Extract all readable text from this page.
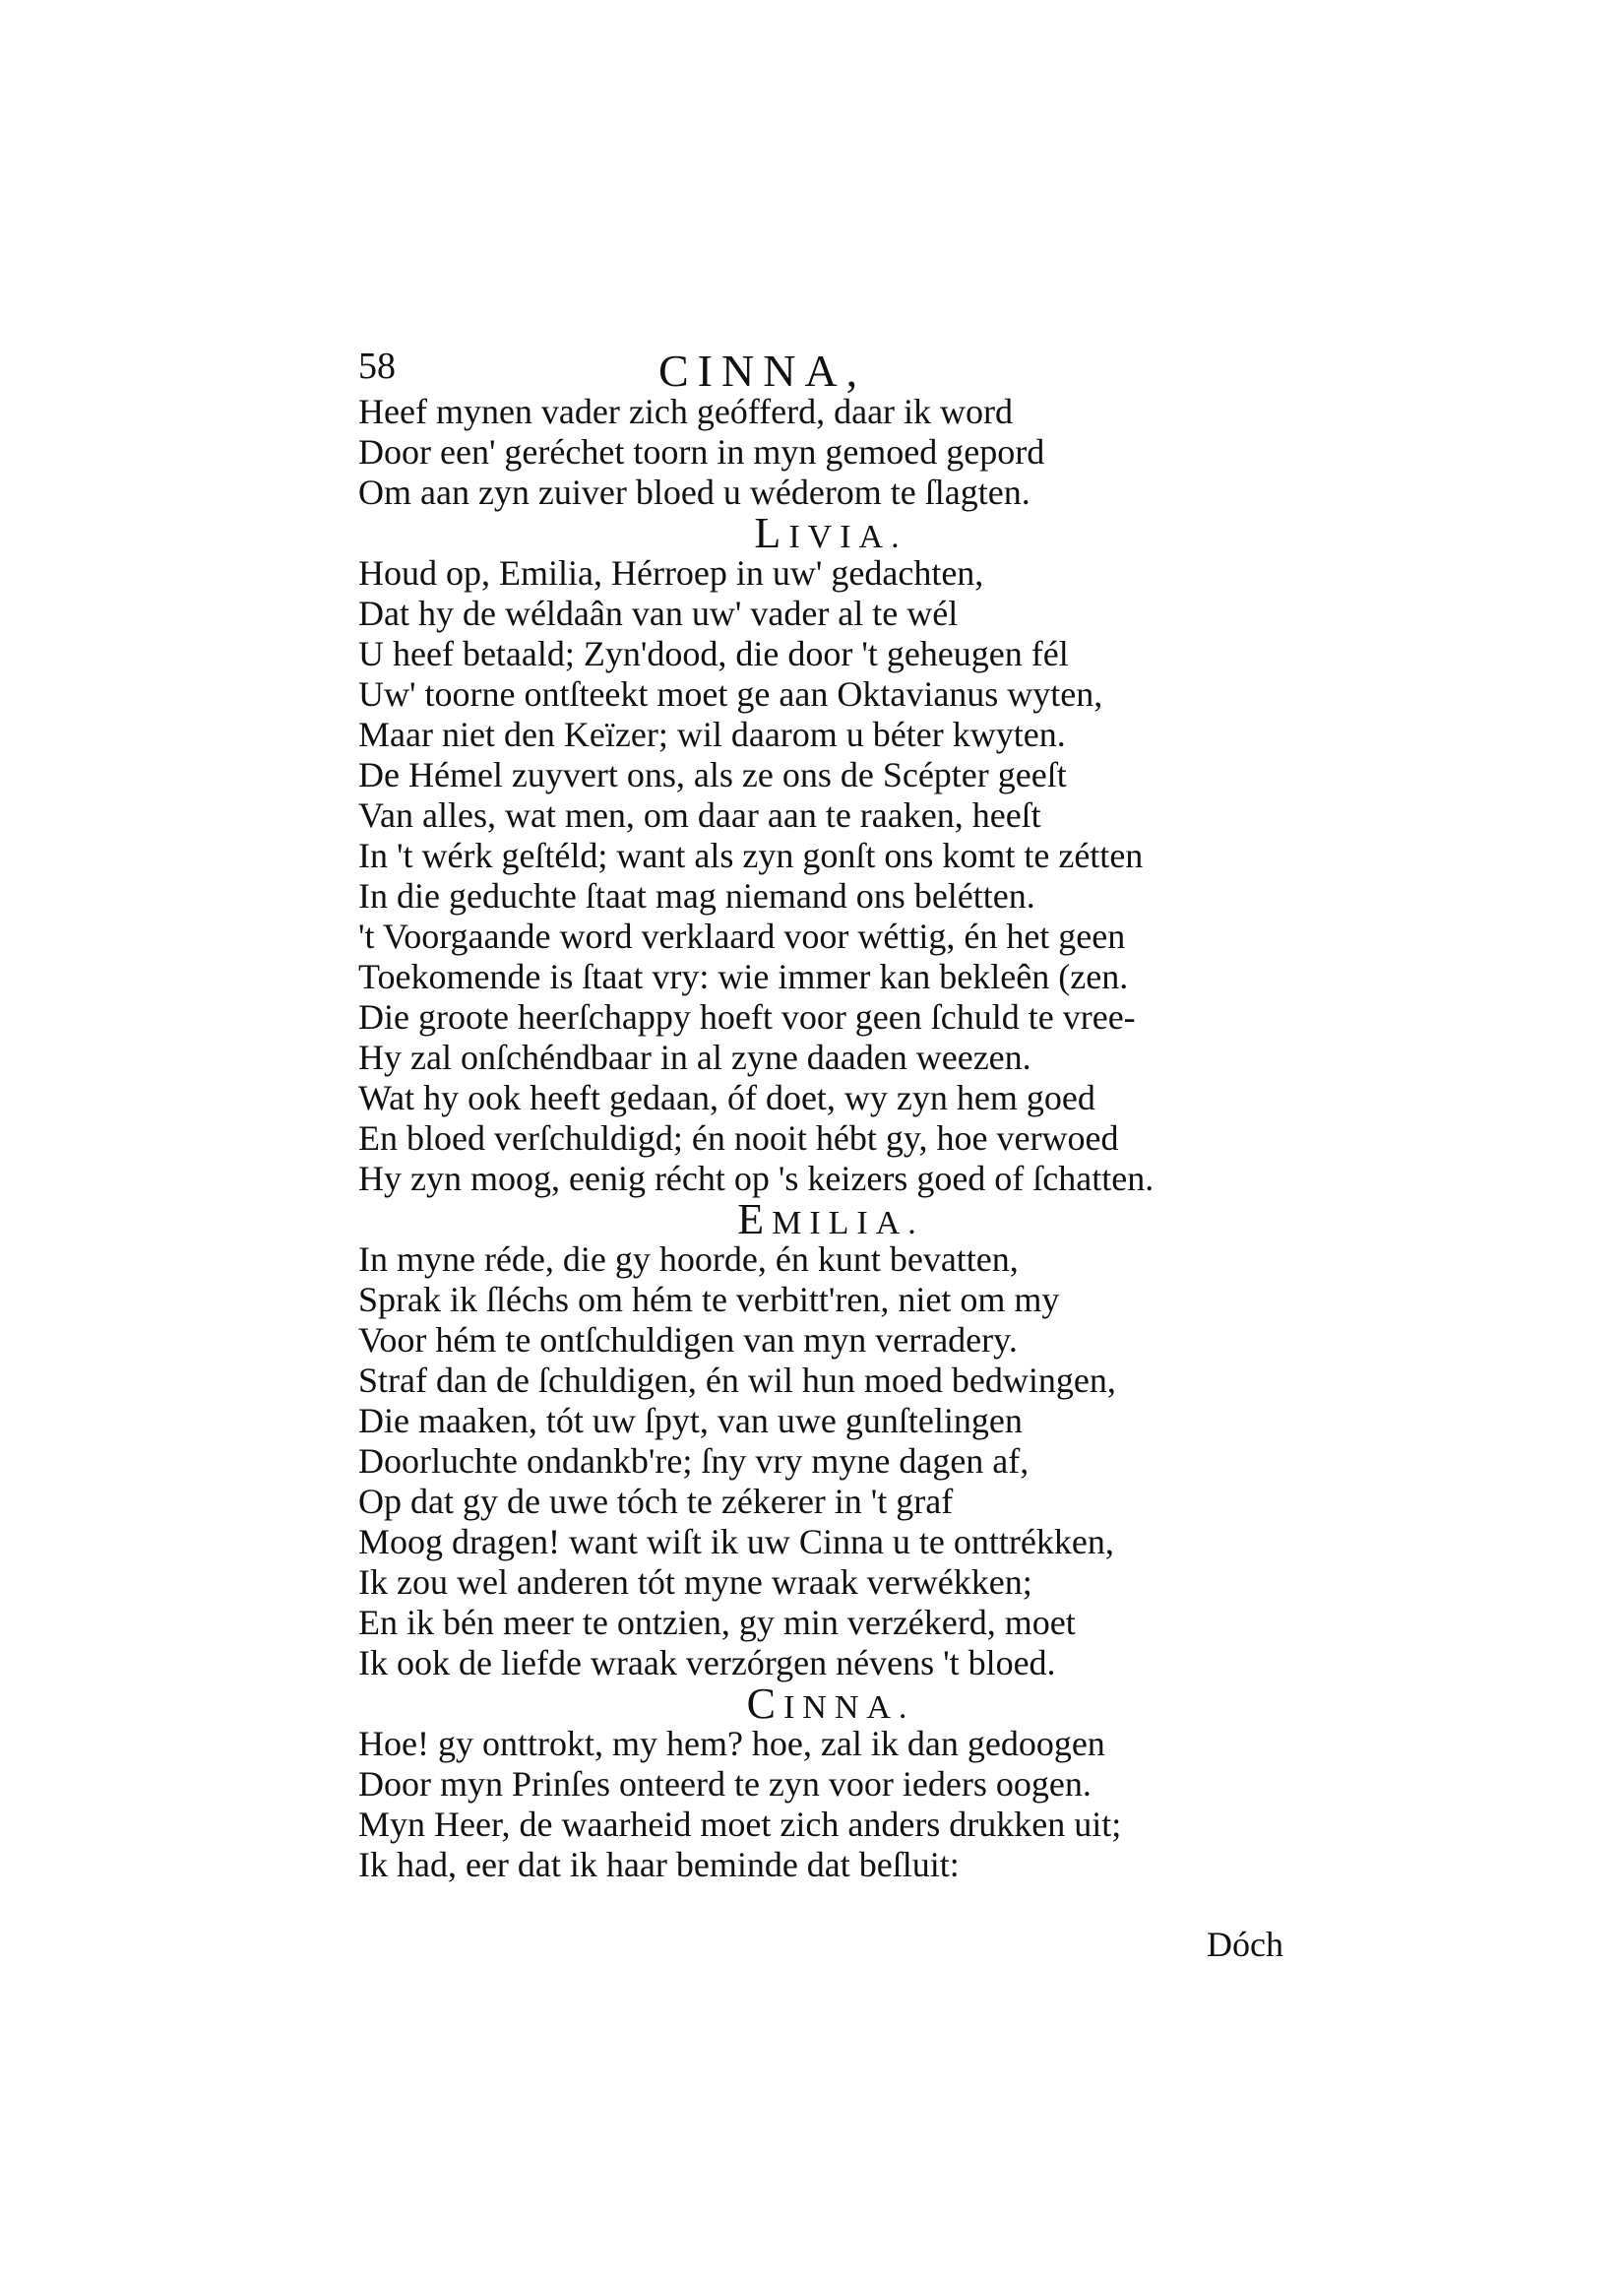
58	CINNA,
Heef mynen vader zich geófferd, daar ik word
Door een' geréchet toorn in myn gemoed gepord
Om aan zyn zuiver bloed u wéderom te ſlagten.
LIVIA.
Houd op, Emilia, Hérroep in uw' gedachten,
Dat hy de wéldaân van uw' vader al te wél
U heef betaald; Zyn'dood, die door 't geheugen fél
Uw' toorne ontſteekt moet ge aan Oktavianus wyten,
Maar niet den Keïzer; wil daarom u béter kwyten.
De Hémel zuyvert ons, als ze ons de Scépter geeſt
Van alles, wat men, om daar aan te raaken, heeſt
In 't wérk geſtéld; want als zyn gonſt ons komt te zétten
In die geduchte ſtaat mag niemand ons belétten.
't Voorgaande word verklaard voor wéttig, én het geen
Toekomende is ſtaat vry: wie immer kan bekleên (zen.
Die groote heerſchappy hoeft voor geen ſchuld te vree-
Hy zal onſchéndbaar in al zyne daaden weezen.
Wat hy ook heeft gedaan, óf doet, wy zyn hem goed
En bloed verſchuldigd; én nooit hébt gy, hoe verwoed
Hy zyn moog, eenig récht op 's keizers goed of ſchatten.
EMILIA.
In myne réde, die gy hoorde, én kunt bevatten,
Sprak ik ſléchs om hém te verbitt'ren, niet om my
Voor hém te ontſchuldigen van myn verradery.
Straf dan de ſchuldigen, én wil hun moed bedwingen,
Die maaken, tót uw ſpyt, van uwe gunſtelingen
Doorluchte ondankb're; ſny vry myne dagen af,
Op dat gy de uwe tóch te zékerer in 't graf
Moog dragen! want wiſt ik uw Cinna u te onttrékken,
Ik zou wel anderen tót myne wraak verwékken;
En ik bén meer te ontzien, gy min verzékerd, moet
Ik ook de liefde wraak verzórgen névens 't bloed.
CINNA.
Hoe! gy onttrokt, my hem? hoe, zal ik dan gedoogen
Door myn Prinſes onteerd te zyn voor ieders oogen.
Myn Heer, de waarheid moet zich anders drukken uit;
Ik had, eer dat ik haar beminde dat beſluit:
Dóch
